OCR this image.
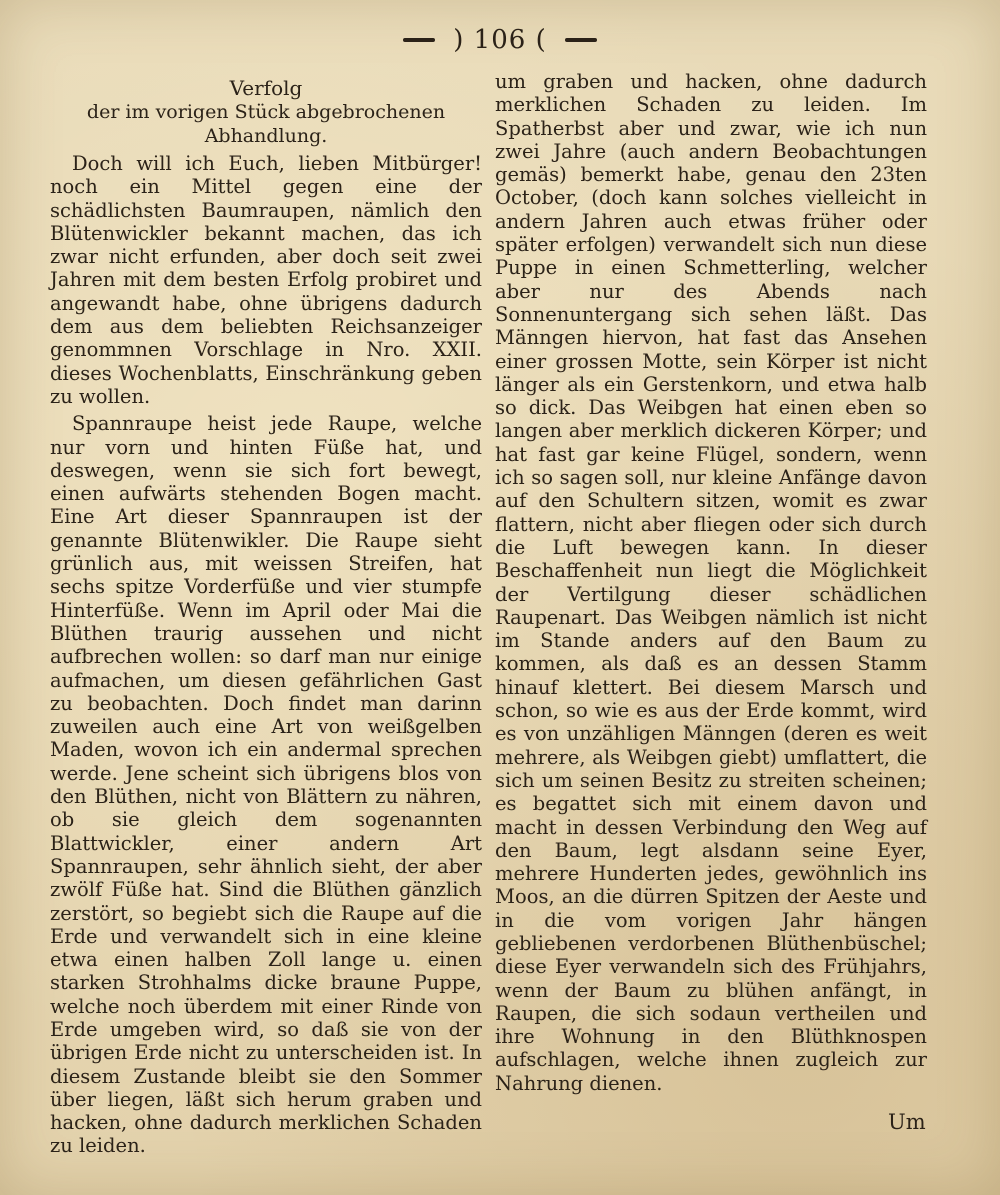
) 106 (
Verfolg
der im vorigen Stück abgebrochenen Abhandlung.

Doch will ich Euch, lieben Mitbürger! noch ein Mittel gegen eine der schädlichsten Baumraupen, nämlich den Blütenwickler bekannt machen, das ich zwar nicht erfunden, aber doch seit zwei Jahren mit dem besten Erfolg probiret und angewandt habe, ohne übrigens dadurch dem aus dem beliebten Reichsanzeiger genommnen Vorschlage in Nro. XXII. dieses Wochenblatts, Einschränkung geben zu wollen.

Spannraupe heist jede Raupe, welche nur vorn und hinten Füße hat, und deswegen, wenn sie sich fort bewegt, einen aufwärts stehenden Bogen macht. Eine Art dieser Spannraupen ist der genannte Blütenwikler. Die Raupe sieht grünlich aus, mit weissen Streifen, hat sechs spitze Vorderfüße und vier stumpfe Hinterfüße. Wenn im April oder Mai die Blüthen traurig aussehen und nicht aufbrechen wollen: so darf man nur einige aufmachen, um diesen gefährlichen Gast zu beobachten. Doch findet man darinn zuweilen auch eine Art von weißgelben Maden, wovon ich ein andermal sprechen werde. Jene scheint sich übrigens blos von den Blüthen, nicht von Blättern zu nähren, ob sie gleich dem sogenannten Blattwickler, einer andern Art Spannraupen, sehr ähnlich sieht, der aber zwölf Füße hat. Sind die Blüthen gänzlich zerstört, so begiebt sich die Raupe auf die Erde und verwandelt sich in eine kleine etwa einen halben Zoll lange u. einen starken Strohhalms dicke braune Puppe, welche noch überdem mit einer Rinde von Erde umgeben wird, so daß sie von der übrigen Erde nicht zu unterscheiden ist. In diesem Zustande bleibt sie den Sommer über liegen, läßt sich herum graben und hacken, ohne dadurch merklichen Schaden zu leiden.

um graben und hacken, ohne dadurch merklichen Schaden zu leiden. Im Spatherbst aber und zwar, wie ich nun zwei Jahre (auch andern Beobachtungen gemäs) bemerkt habe, genau den 23ten October, (doch kann solches vielleicht in andern Jahren auch etwas früher oder später erfolgen) verwandelt sich nun diese Puppe in einen Schmetterling, welcher aber nur des Abends nach Sonnenuntergang sich sehen läßt. Das Männgen hiervon, hat fast das Ansehen einer grossen Motte, sein Körper ist nicht länger als ein Gerstenkorn, und etwa halb so dick. Das Weibgen hat einen eben so langen aber merklich dickeren Körper; und hat fast gar keine Flügel, sondern, wenn ich so sagen soll, nur kleine Anfänge davon auf den Schultern sitzen, womit es zwar flattern, nicht aber fliegen oder sich durch die Luft bewegen kann. In dieser Beschaffenheit nun liegt die Möglichkeit der Vertilgung dieser schädlichen Raupenart. Das Weibgen nämlich ist nicht im Stande anders auf den Baum zu kommen, als daß es an dessen Stamm hinauf klettert. Bei diesem Marsch und schon, so wie es aus der Erde kommt, wird es von unzähligen Männgen (deren es weit mehrere, als Weibgen giebt) umflattert, die sich um seinen Besitz zu streiten scheinen; es begattet sich mit einem davon und macht in dessen Verbindung den Weg auf den Baum, legt alsdann seine Eyer, mehrere Hunderten jedes, gewöhnlich ins Moos, an die dürren Spitzen der Aeste und in die vom vorigen Jahr hängen gebliebenen verdorbenen Blüthenbüschel; diese Eyer verwandeln sich des Frühjahrs, wenn der Baum zu blühen anfängt, in Raupen, die sich sodaun vertheilen und ihre Wohnung in den Blüthknospen aufschlagen, welche ihnen zugleich zur Nahrung dienen.

Um
